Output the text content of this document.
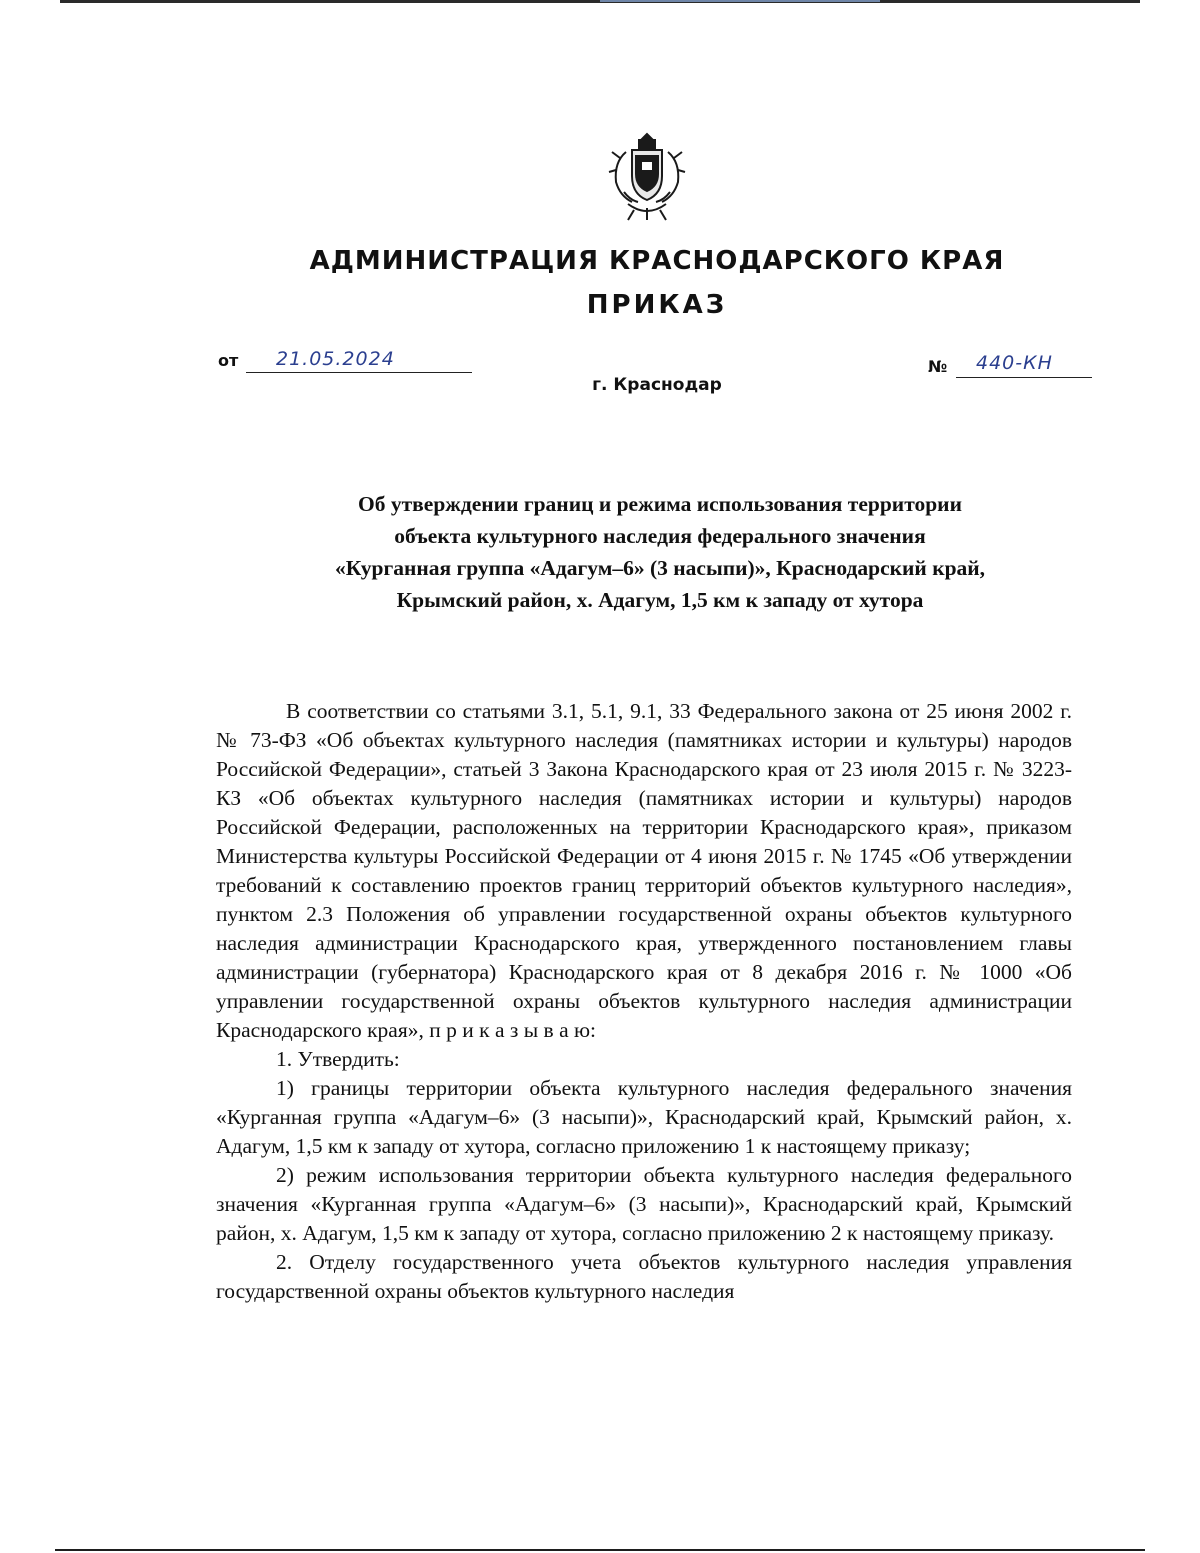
АДМИНИСТРАЦИЯ КРАСНОДАРСКОГО КРАЯ
ПРИКАЗ
от 21.05.2024	№ 440-КН
г. Краснодар
Об утверждении границ и режима использования территории
объекта культурного наследия федерального значения
«Курганная группа «Адагум–6» (3 насыпи)», Краснодарский край,
Крымский район, х. Адагум, 1,5 км к западу от хутора

В соответствии со статьями 3.1, 5.1, 9.1, 33 Федерального закона от 25 июня 2002 г. № 73-ФЗ «Об объектах культурного наследия (памятниках истории и культуры) народов Российской Федерации», статьей 3 Закона Краснодарского края от 23 июля 2015 г. № 3223-КЗ «Об объектах культурного наследия (памятниках истории и культуры) народов Российской Федерации, расположенных на территории Краснодарского края», приказом Министерства культуры Российской Федерации от 4 июня 2015 г. № 1745 «Об утверждении требований к составлению проектов границ территорий объектов культурного наследия», пунктом 2.3 Положения об управлении государственной охраны объектов культурного наследия администрации Краснодарского края, утвержденного постановлением главы администрации (губернатора) Краснодарского края от 8 декабря 2016 г. № 1000 «Об управлении государственной охраны объектов культурного наследия администрации Краснодарского края», п р и к а з ы в а ю:

1. Утвердить:

1) границы территории объекта культурного наследия федерального значения «Курганная группа «Адагум–6» (3 насыпи)», Краснодарский край, Крымский район, х. Адагум, 1,5 км к западу от хутора, согласно приложению 1 к настоящему приказу;

2) режим использования территории объекта культурного наследия федерального значения «Курганная группа «Адагум–6» (3 насыпи)», Краснодарский край, Крымский район, х. Адагум, 1,5 км к западу от хутора, согласно приложению 2 к настоящему приказу.

2. Отделу государственного учета объектов культурного наследия управления государственной охраны объектов культурного наследия
